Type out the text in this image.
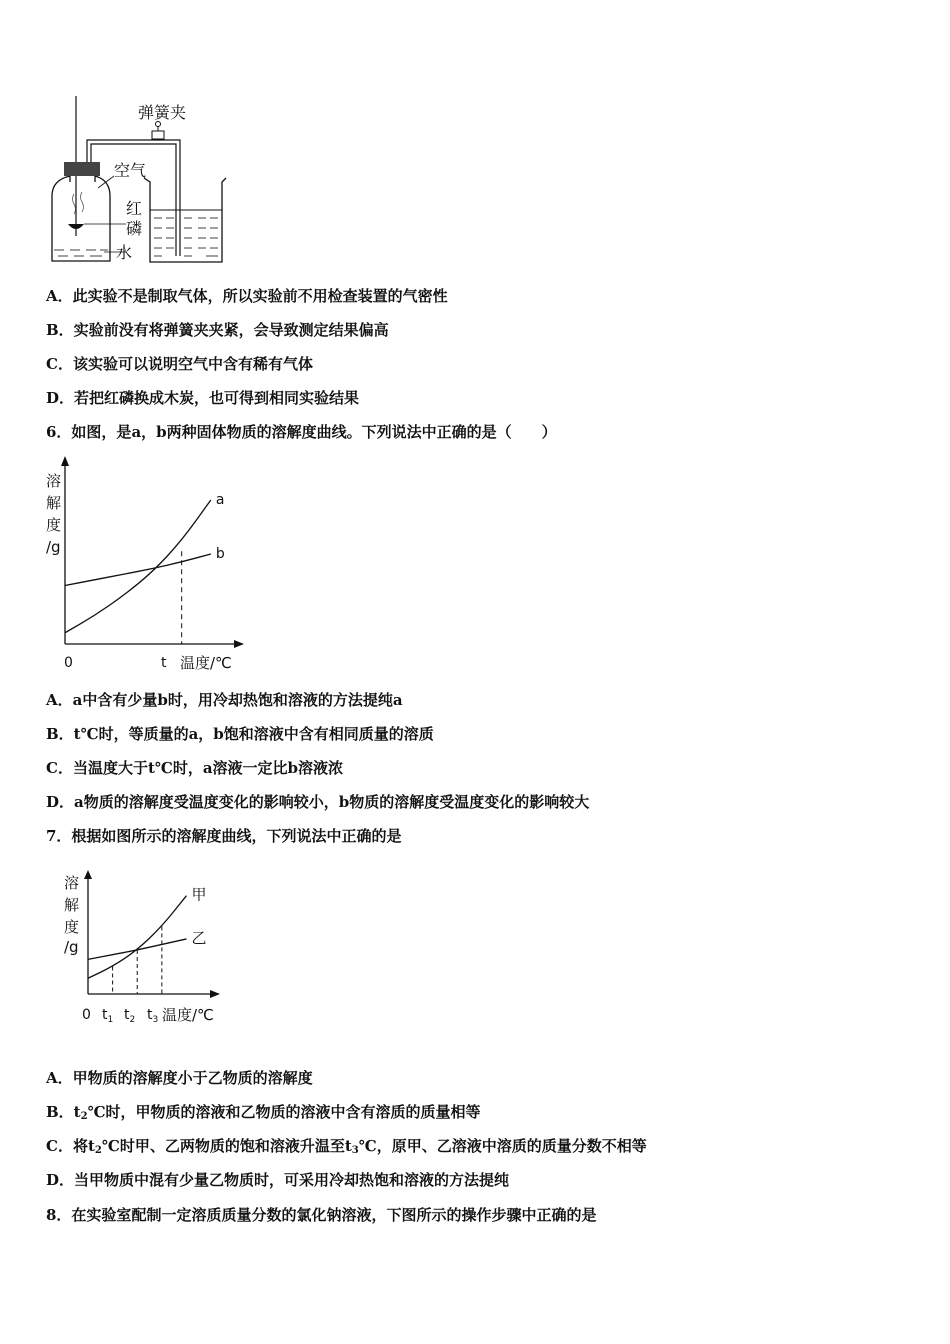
弹簧夹
空气
红
磷
水
A．此实验不是制取气体，所以实验前不用检查装置的气密性
B．实验前没有将弹簧夹夹紧，会导致测定结果偏高
C．该实验可以说明空气中含有稀有气体
D．若把红磷换成木炭，也可得到相同实验结果
6．如图，是a，b两种固体物质的溶解度曲线。下列说法中正确的是（　　）
溶
解
度
/g
0	t 温度/℃
a
b
A．a中含有少量b时，用冷却热饱和溶液的方法提纯a
B．t℃时，等质量的a，b饱和溶液中含有相同质量的溶质
C．当温度大于t℃时，a溶液一定比b溶液浓
D．a物质的溶解度受温度变化的影响较小，b物质的溶解度受温度变化的影响较大
7．根据如图所示的溶解度曲线，下列说法中正确的是
溶
解
度
/g
0 $t_1$ $t_2$ $t_3$ 温度/℃
甲
乙
A．甲物质的溶解度小于乙物质的溶解度
B．$t_2℃$时，甲物质的溶液和乙物质的溶液中含有溶质的质量相等
C．将$t_2℃$时甲、乙两物质的饱和溶液升温至$t_3℃$，原甲、乙溶液中溶质的质量分数不相等
D．当甲物质中混有少量乙物质时，可采用冷却热饱和溶液的方法提纯
8．在实验室配制一定溶质质量分数的氯化钠溶液，下图所示的操作步骤中正确的是
